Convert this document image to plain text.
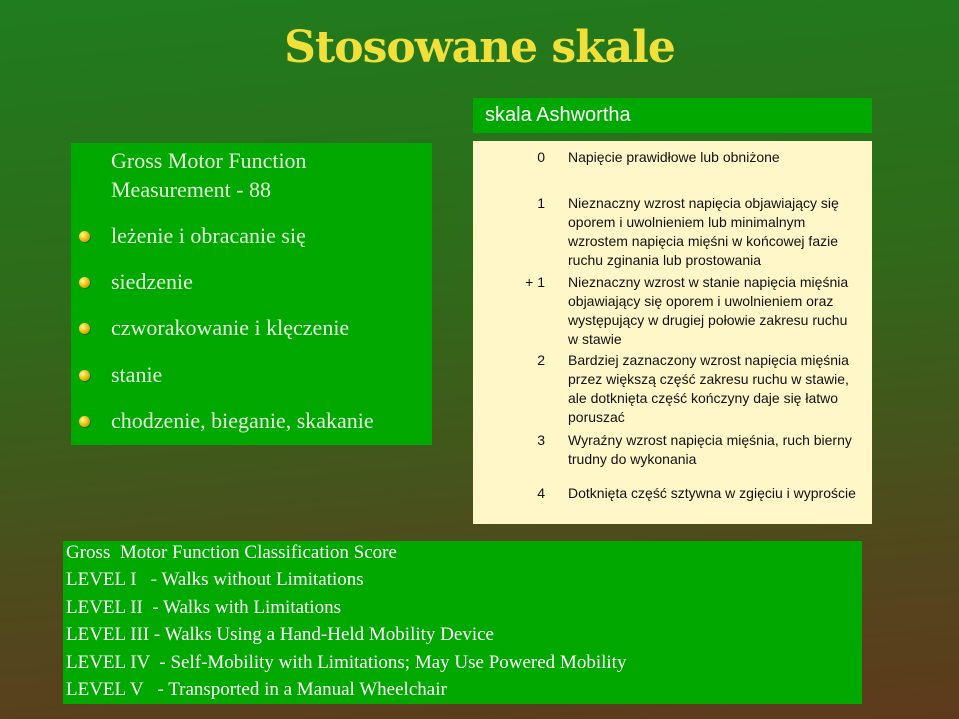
Stosowane skale
Gross Motor Function Measurement - 88
leżenie i obracanie się
siedzenie
czworakowanie i klęczenie
stanie
chodzenie, bieganie, skakanie
skala Ashwortha
0 Napięcie prawidłowe lub obniżone
1 Nieznaczny wzrost napięcia objawiający się oporem i uwolnieniem lub minimalnym wzrostem napięcia mięśni w końcowej fazie ruchu zginania lub prostowania
+ 1 Nieznaczny wzrost w stanie napięcia mięśnia objawiający się oporem i uwolnieniem oraz występujący w drugiej połowie zakresu ruchu w stawie
2 Bardziej zaznaczony wzrost napięcia mięśnia przez większą część zakresu ruchu w stawie, ale dotknięta część kończyny daje się łatwo poruszać
3 Wyraźny wzrost napięcia mięśnia, ruch bierny trudny do wykonania
4 Dotknięta część sztywna w zgięciu i wyproście
Gross  Motor Function Classification Score
LEVEL I   - Walks without Limitations
LEVEL II  - Walks with Limitations
LEVEL III - Walks Using a Hand-Held Mobility Device
LEVEL IV  - Self-Mobility with Limitations; May Use Powered Mobility
LEVEL V   - Transported in a Manual Wheelchair
